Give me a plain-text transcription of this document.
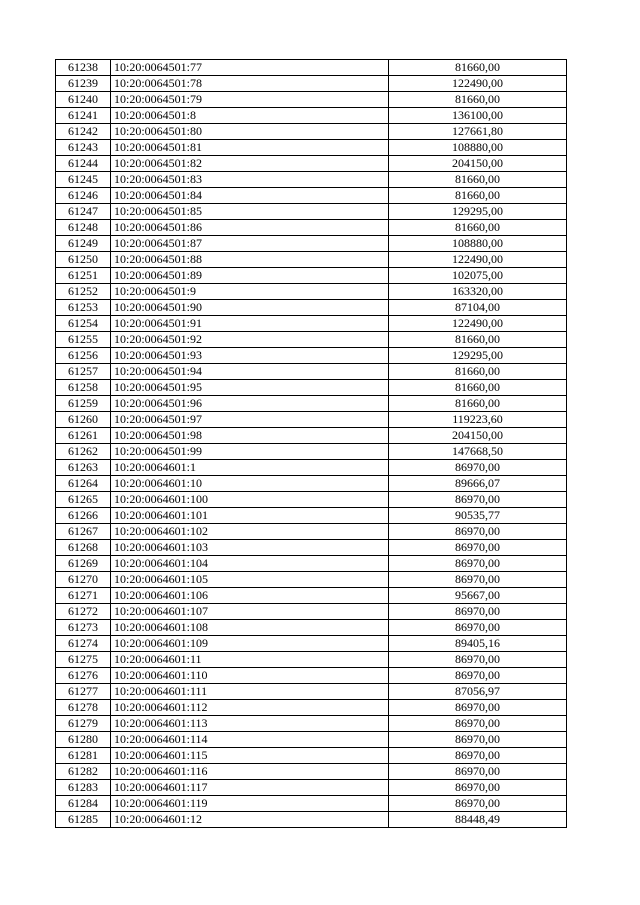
61238	10:20:0064501:77	81660,00
61239	10:20:0064501:78	122490,00
61240	10:20:0064501:79	81660,00
61241	10:20:0064501:8	136100,00
61242	10:20:0064501:80	127661,80
61243	10:20:0064501:81	108880,00
61244	10:20:0064501:82	204150,00
61245	10:20:0064501:83	81660,00
61246	10:20:0064501:84	81660,00
61247	10:20:0064501:85	129295,00
61248	10:20:0064501:86	81660,00
61249	10:20:0064501:87	108880,00
61250	10:20:0064501:88	122490,00
61251	10:20:0064501:89	102075,00
61252	10:20:0064501:9	163320,00
61253	10:20:0064501:90	87104,00
61254	10:20:0064501:91	122490,00
61255	10:20:0064501:92	81660,00
61256	10:20:0064501:93	129295,00
61257	10:20:0064501:94	81660,00
61258	10:20:0064501:95	81660,00
61259	10:20:0064501:96	81660,00
61260	10:20:0064501:97	119223,60
61261	10:20:0064501:98	204150,00
61262	10:20:0064501:99	147668,50
61263	10:20:0064601:1	86970,00
61264	10:20:0064601:10	89666,07
61265	10:20:0064601:100	86970,00
61266	10:20:0064601:101	90535,77
61267	10:20:0064601:102	86970,00
61268	10:20:0064601:103	86970,00
61269	10:20:0064601:104	86970,00
61270	10:20:0064601:105	86970,00
61271	10:20:0064601:106	95667,00
61272	10:20:0064601:107	86970,00
61273	10:20:0064601:108	86970,00
61274	10:20:0064601:109	89405,16
61275	10:20:0064601:11	86970,00
61276	10:20:0064601:110	86970,00
61277	10:20:0064601:111	87056,97
61278	10:20:0064601:112	86970,00
61279	10:20:0064601:113	86970,00
61280	10:20:0064601:114	86970,00
61281	10:20:0064601:115	86970,00
61282	10:20:0064601:116	86970,00
61283	10:20:0064601:117	86970,00
61284	10:20:0064601:119	86970,00
61285	10:20:0064601:12	88448,49
